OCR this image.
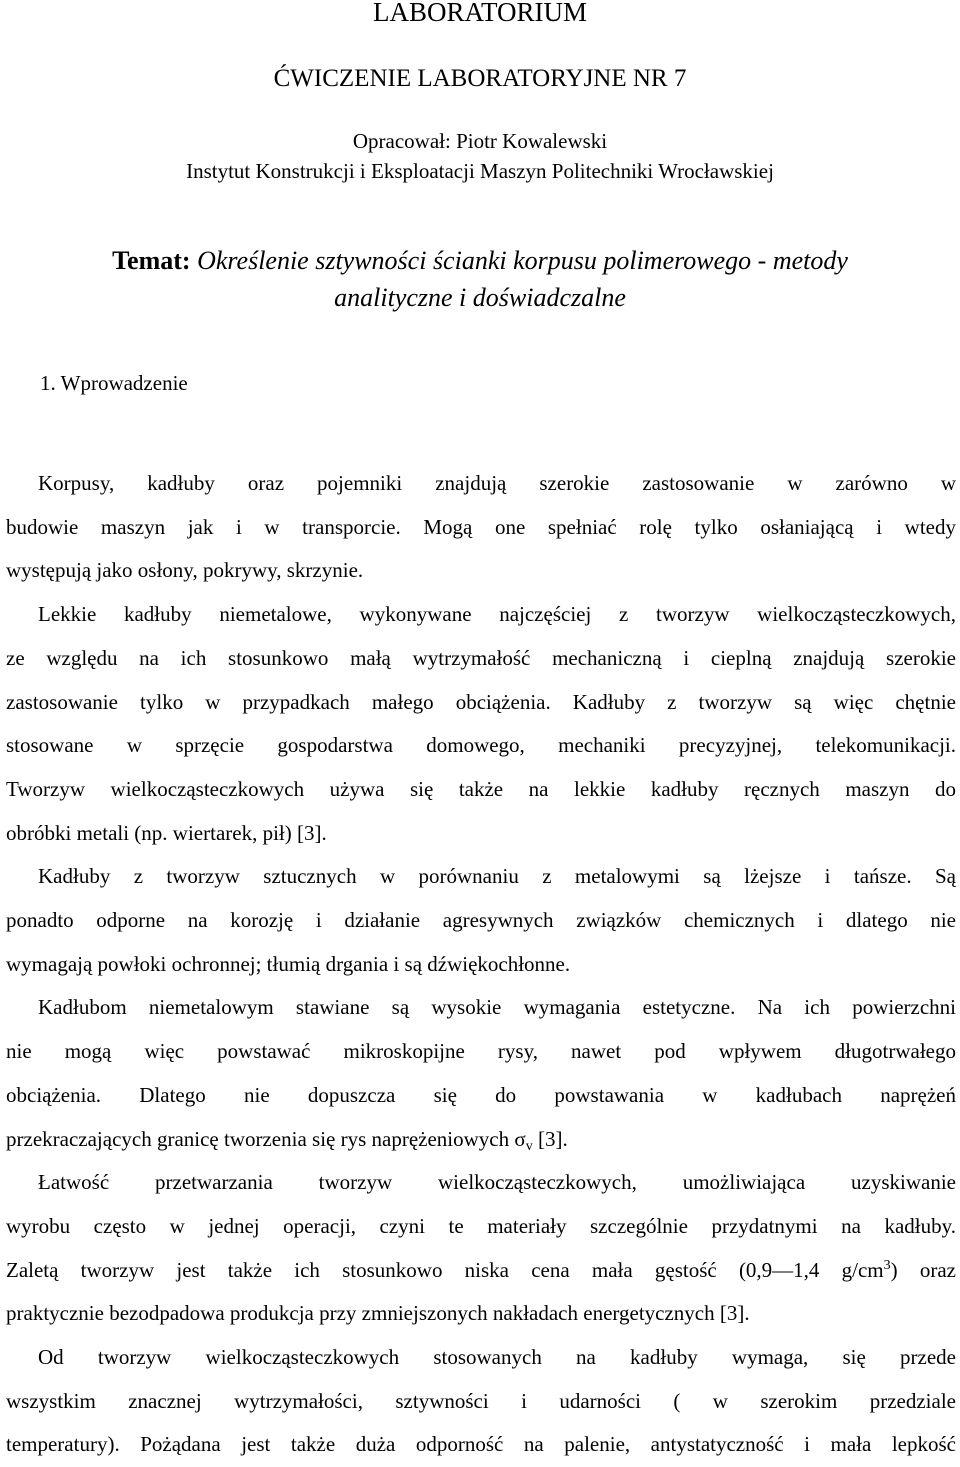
LABORATORIUM
ĆWICZENIE LABORATORYJNE NR 7
Opracował: Piotr Kowalewski
Instytut Konstrukcji i Eksploatacji Maszyn Politechniki Wrocławskiej
Temat: Określenie sztywności ścianki korpusu polimerowego - metody
analityczne i doświadczalne
1. Wprowadzenie
Korpusy, kadłuby oraz pojemniki znajdują szerokie zastosowanie w zarówno w
budowie maszyn jak i w transporcie. Mogą one spełniać rolę tylko osłaniającą i wtedy
występują jako osłony, pokrywy, skrzynie.
Lekkie kadłuby niemetalowe, wykonywane najczęściej z tworzyw wielkocząsteczkowych,
ze względu na ich stosunkowo małą wytrzymałość mechaniczną i cieplną znajdują szerokie
zastosowanie tylko w przypadkach małego obciążenia. Kadłuby z tworzyw są więc chętnie
stosowane w sprzęcie gospodarstwa domowego, mechaniki precyzyjnej, telekomunikacji.
Tworzyw wielkocząsteczkowych używa się także na lekkie kadłuby ręcznych maszyn do
obróbki metali (np. wiertarek, pił) [3].
Kadłuby z tworzyw sztucznych w porównaniu z metalowymi są lżejsze i tańsze. Są
ponadto odporne na korozję i działanie agresywnych związków chemicznych i dlatego nie
wymagają powłoki ochronnej; tłumią drgania i są dźwiękochłonne.
Kadłubom niemetalowym stawiane są wysokie wymagania estetyczne. Na ich powierzchni
nie mogą więc powstawać mikroskopijne rysy, nawet pod wpływem długotrwałego
obciążenia. Dlatego nie dopuszcza się do powstawania w kadłubach naprężeń
przekraczających granicę tworzenia się rys naprężeniowych $\sigma_v$ [3].
Łatwość przetwarzania tworzyw wielkocząsteczkowych, umożliwiająca uzyskiwanie
wyrobu często w jednej operacji, czyni te materiały szczególnie przydatnymi na kadłuby.
Zaletą tworzyw jest także ich stosunkowo niska cena mała gęstość (0,9—1,4 $g/cm^3$) oraz
praktycznie bezodpadowa produkcja przy zmniejszonych nakładach energetycznych [3].
Od tworzyw wielkocząsteczkowych stosowanych na kadłuby wymaga, się przede
wszystkim znacznej wytrzymałości, sztywności i udarności ( w szerokim przedziale
temperatury). Pożądana jest także duża odporność na palenie, antystatyczność i mała lepkość
